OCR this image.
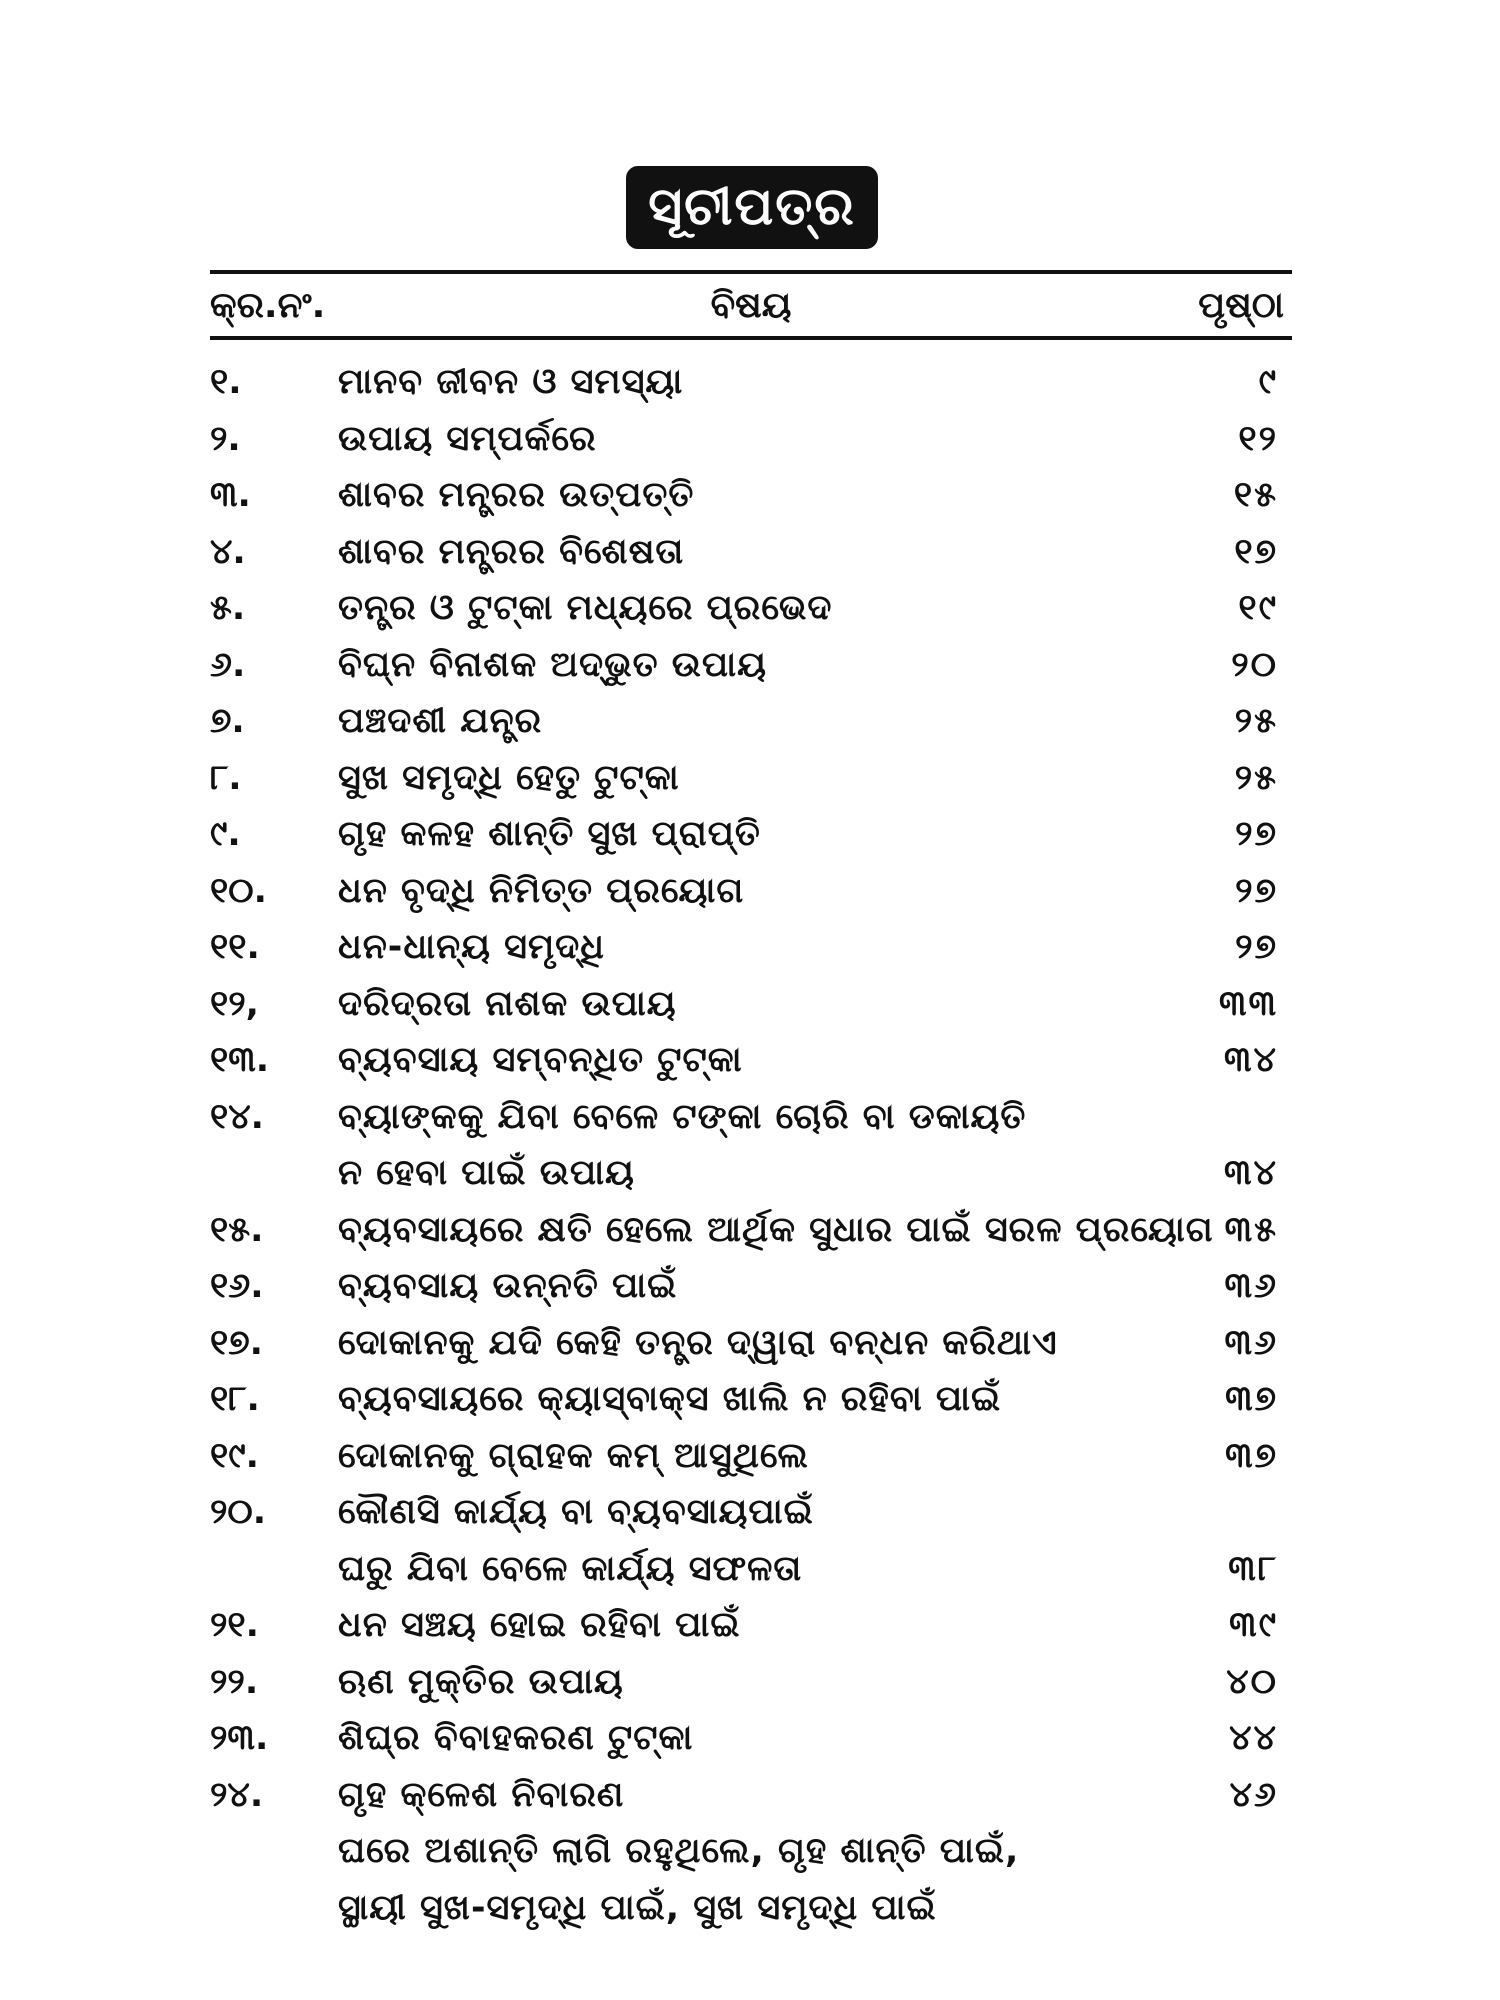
ସୂଚୀପତ୍ର
କ୍ର.ନଂ.	ବିଷୟ	ପୃଷ୍ଠା
୧.	ମାନବ ଜୀବନ ଓ ସମସ୍ୟା	୯
୨.	ଉପାୟ ସମ୍ପର୍କରେ	୧୨
୩.	ଶାବର ମନ୍ତ୍ରର ଉତ୍ପତ୍ତି	୧୫
୪.	ଶାବର ମନ୍ତ୍ରର ବିଶେଷତା	୧୭
୫.	ତନ୍ତ୍ର ଓ ଟୁଟ୍‌କା ମଧ୍ୟରେ ପ୍ରଭେଦ	୧୯
୬.	ବିଘ୍ନ ବିନାଶକ ଅଦ୍‌ଭୁତ ଉପାୟ	୨୦
୭.	ପଞ୍ଚଦଶୀ ଯନ୍ତ୍ର	୨୫
୮.	ସୁଖ ସମୃଦ୍ଧି ହେତୁ ଟୁଟ୍‌କା	୨୫
୯.	ଗୃହ କଳହ ଶାନ୍ତି ସୁଖ ପ୍ରାପ୍ତି	୨୭
୧୦.	ଧନ ବୃଦ୍ଧି ନିମିତ୍ତ ପ୍ରୟୋଗ	୨୭
୧୧.	ଧନ-ଧାନ୍ୟ ସମୃଦ୍ଧି	୨୭
୧୨,	ଦରିଦ୍ରତା ନାଶକ ଉପାୟ	୩୩
୧୩.	ବ୍ୟବସାୟ ସମ୍ବନ୍ଧିତ ଟୁଟ୍‌କା	୩୪
୧୪.	ବ୍ୟାଙ୍କକୁ ଯିବା ବେଳେ ଟଙ୍କା ଚୋରି ବା ଡକାୟତି
ନ ହେବା ପାଇଁ ଉପାୟ	୩୪
୧୫.	ବ୍ୟବସାୟରେ କ୍ଷତି ହେଲେ ଆର୍ଥିକ ସୁଧାର ପାଇଁ ସରଳ ପ୍ରୟୋଗ ୩୫
୧୬.	ବ୍ୟବସାୟ ଉନ୍ନତି ପାଇଁ	୩୬
୧୭.	ଦୋକାନକୁ ଯଦି କେହି ତନ୍ତ୍ର ଦ୍ୱାରା ବନ୍ଧନ କରିଥାଏ	୩୬
୧୮.	ବ୍ୟବସାୟରେ କ୍ୟାସ୍‌ବାକ୍ସ ଖାଲି ନ ରହିବା ପାଇଁ	୩୭
୧୯.	ଦୋକାନକୁ ଗ୍ରାହକ କମ୍ ଆସୁଥିଲେ	୩୭
୨୦.	କୌଣସି କାର୍ଯ୍ୟ ବା ବ୍ୟବସାୟପାଇଁ
ଘରୁ ଯିବା ବେଳେ କାର୍ଯ୍ୟ ସଫଳତା	୩୮
୨୧.	ଧନ ସଞ୍ଚୟ ହୋଇ ରହିବା ପାଇଁ	୩୯
୨୨.	ଋଣ ମୁକ୍ତିର ଉପାୟ	୪୦
୨୩.	ଶିଘ୍ର ବିବାହକରଣ ଟୁଟ୍‌କା	୪୪
୨୪.	ଗୃହ କ୍ଳେଶ ନିବାରଣ	୪୬
ଘରେ ଅଶାନ୍ତି ଲାଗି ରହୁଥିଲେ, ଗୃହ ଶାନ୍ତି ପାଇଁ,
ସ୍ଥାୟୀ ସୁଖ-ସମୃଦ୍ଧି ପାଇଁ, ସୁଖ ସମୃଦ୍ଧି ପାଇଁ
